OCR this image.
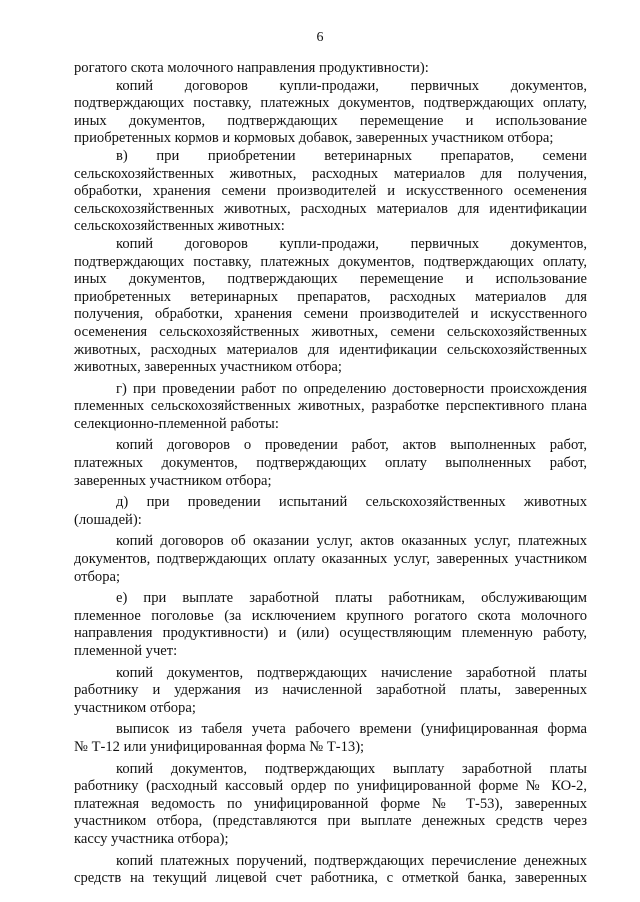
6
рогатого скота молочного направления продуктивности):
копий договоров купли-продажи, первичных документов,
подтверждающих поставку, платежных документов, подтверждающих оплату,
иных документов, подтверждающих перемещение и использование
приобретенных кормов и кормовых добавок, заверенных участником отбора;
в) при приобретении ветеринарных препаратов, семени
сельскохозяйственных животных, расходных материалов для получения,
обработки, хранения семени производителей и искусственного осеменения
сельскохозяйственных животных, расходных материалов для идентификации
сельскохозяйственных животных:
копий договоров купли-продажи, первичных документов,
подтверждающих поставку, платежных документов, подтверждающих оплату,
иных документов, подтверждающих перемещение и использование
приобретенных ветеринарных препаратов, расходных материалов для
получения, обработки, хранения семени производителей и искусственного
осеменения сельскохозяйственных животных, семени сельскохозяйственных
животных, расходных материалов для идентификации сельскохозяйственных
животных, заверенных участником отбора;
г) при проведении работ по определению достоверности происхождения
племенных сельскохозяйственных животных, разработке перспективного плана
селекционно-племенной работы:
копий договоров о проведении работ, актов выполненных работ,
платежных документов, подтверждающих оплату выполненных работ,
заверенных участником отбора;
д) при проведении испытаний сельскохозяйственных животных
(лошадей):
копий договоров об оказании услуг, актов оказанных услуг, платежных
документов, подтверждающих оплату оказанных услуг, заверенных участником
отбора;
е) при выплате заработной платы работникам, обслуживающим
племенное поголовье (за исключением крупного рогатого скота молочного
направления продуктивности) и (или) осуществляющим племенную работу,
племенной учет:
копий документов, подтверждающих начисление заработной платы
работнику и удержания из начисленной заработной платы, заверенных
участником отбора;
выписок из табеля учета рабочего времени (унифицированная форма
№ Т-12 или унифицированная форма № Т-13);
копий документов, подтверждающих выплату заработной платы
работнику (расходный кассовый ордер по унифицированной форме № КО-2,
платежная ведомость по унифицированной форме № Т-53), заверенных
участником отбора, (представляются при выплате денежных средств через
кассу участника отбора);
копий платежных поручений, подтверждающих перечисление денежных
средств на текущий лицевой счет работника, с отметкой банка, заверенных
